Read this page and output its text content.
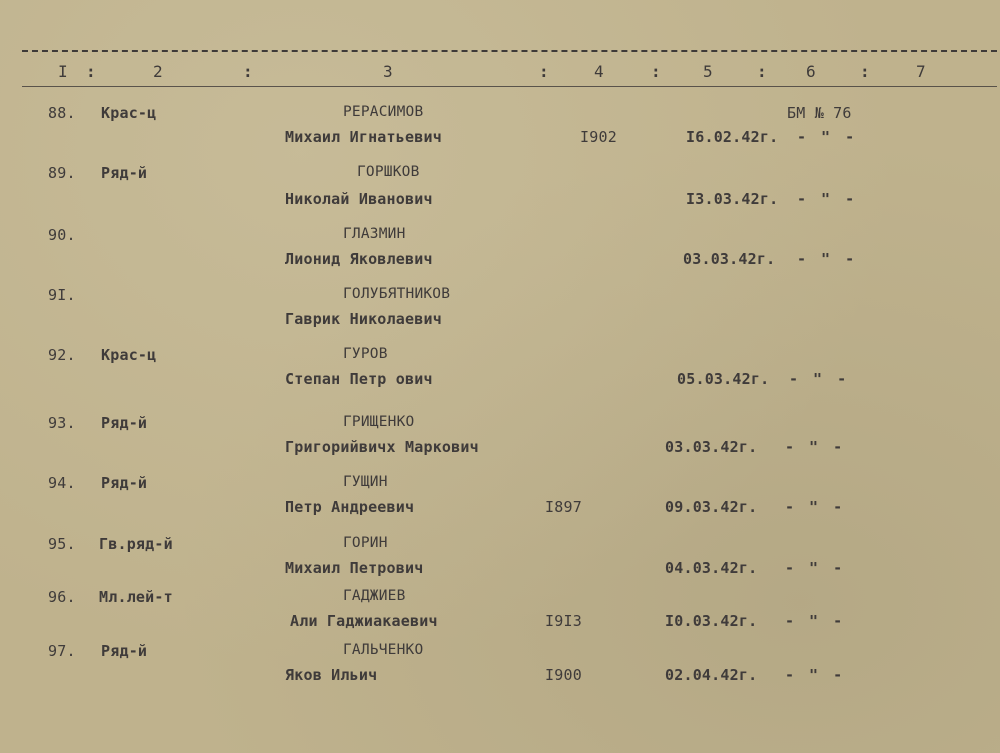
I :	2	:	3	:	4	:	5	: 6	:	7
88.	Крас-ц	РЕРАСИМОВ	БМ № 76
Михаил Игнатьевич	I902	I6.02.42г. - " -
89.	Ряд-й	ГОРШКОВ
Николай Иванович	I3.03.42г. - " -
90.	ГЛАЗМИН
Лионид Яковлевич	03.03.42г. - " -
9I.	ГОЛУБЯТНИКОВ
Гаврик Николаевич
92.	Крас-ц	ГУРОВ
Степан Петр ович	05.03.42г. - " -
93.	Ряд-й	ГРИЩЕНКО
Григорийвичх Маркович	03.03.42г. - " -
94.	Ряд-й	ГУЩИН
Петр Андреевич	I897	09.03.42г. - " -
95.	Гв.ряд-й	ГОРИН
Михаил Петрович	04.03.42г. - " -
96.	Мл.лей-т	ГАДЖИЕВ
Али Гаджиакаевич	I9I3	I0.03.42г. - " -
97.	Ряд-й	ГАЛЬЧЕНКО
Яков Ильич	I900	02.04.42г. - " -
